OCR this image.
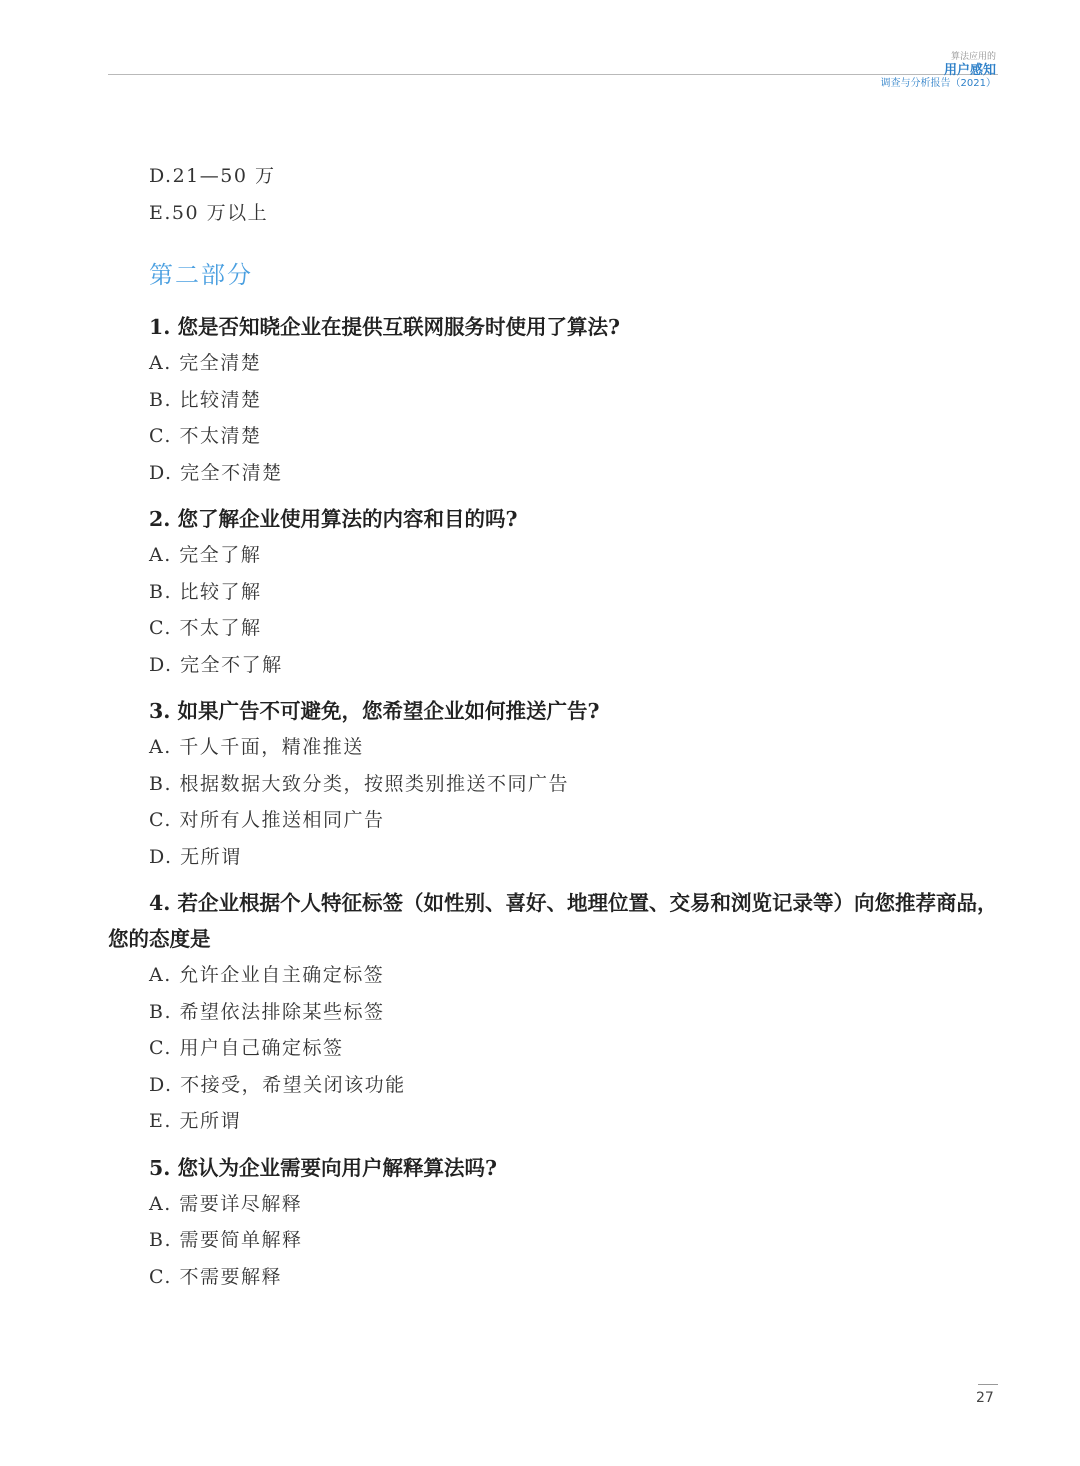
算法应用的
用户感知
调查与分析报告（2021）
D.21—50 万
E.50 万以上
第二部分
1. 您是否知晓企业在提供互联网服务时使用了算法?
A. 完全清楚
B. 比较清楚
C. 不太清楚
D. 完全不清楚
2. 您了解企业使用算法的内容和目的吗?
A. 完全了解
B. 比较了解
C. 不太了解
D. 完全不了解
3. 如果广告不可避免，您希望企业如何推送广告?
A. 千人千面，精准推送
B. 根据数据大致分类，按照类别推送不同广告
C. 对所有人推送相同广告
D. 无所谓
4. 若企业根据个人特征标签（如性别、喜好、地理位置、交易和浏览记录等）向您推荐商品，您的态度是
A. 允许企业自主确定标签
B. 希望依法排除某些标签
C. 用户自己确定标签
D. 不接受，希望关闭该功能
E. 无所谓
5. 您认为企业需要向用户解释算法吗?
A. 需要详尽解释
B. 需要简单解释
C. 不需要解释
27
